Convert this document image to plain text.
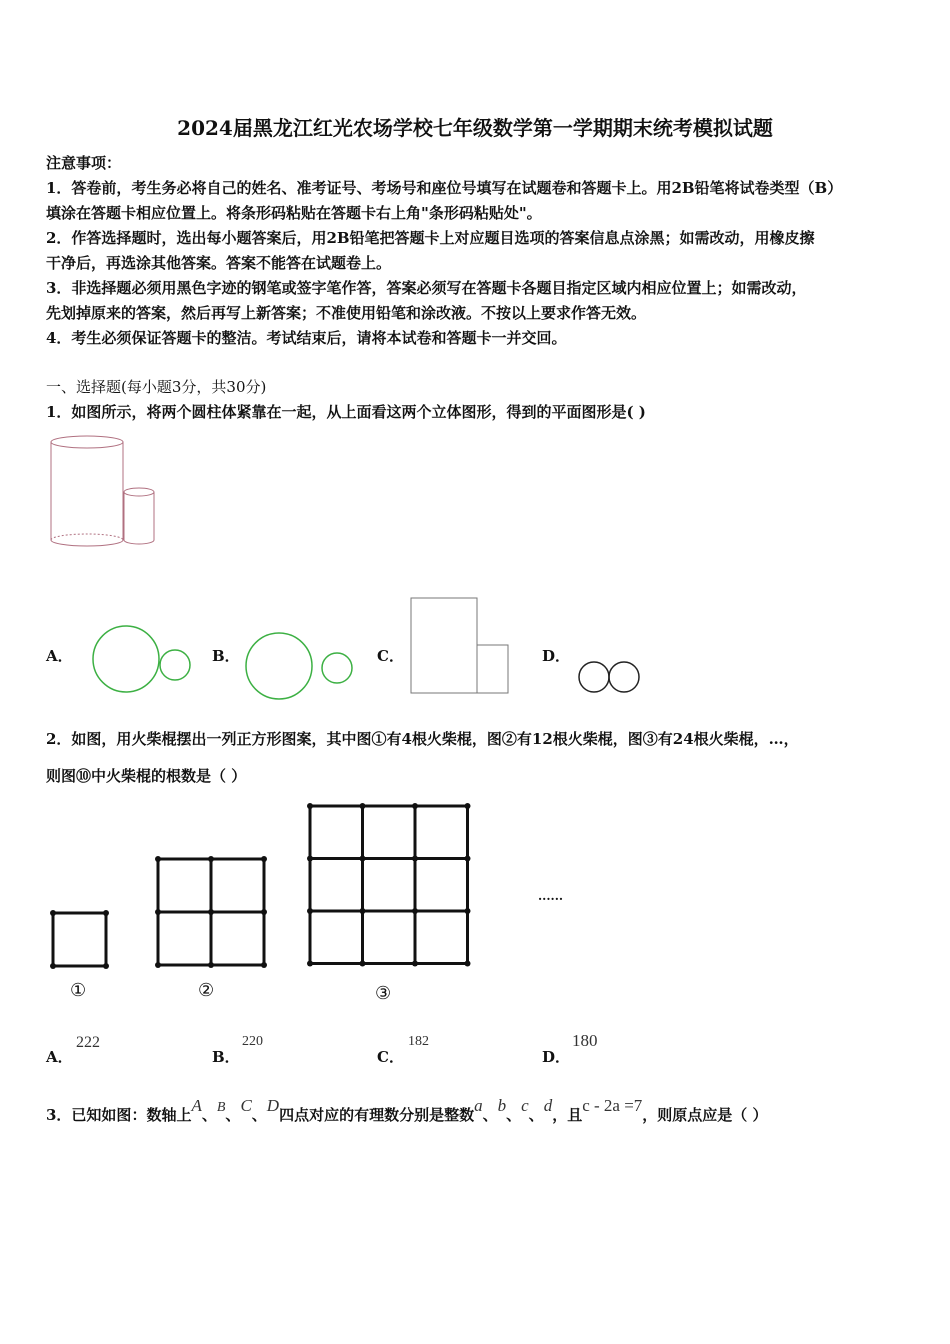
2024届黑龙江红光农场学校七年级数学第一学期期末统考模拟试题
注意事项：
1．答卷前，考生务必将自己的姓名、准考证号、考场号和座位号填写在试题卷和答题卡上。用2B铅笔将试卷类型（B）
填涂在答题卡相应位置上。将条形码粘贴在答题卡右上角"条形码粘贴处"。
2．作答选择题时，选出每小题答案后，用2B铅笔把答题卡上对应题目选项的答案信息点涂黑；如需改动，用橡皮擦
干净后，再选涂其他答案。答案不能答在试题卷上。
3．非选择题必须用黑色字迹的钢笔或签字笔作答，答案必须写在答题卡各题目指定区域内相应位置上；如需改动，
先划掉原来的答案，然后再写上新答案；不准使用铅笔和涂改液。不按以上要求作答无效。
4．考生必须保证答题卡的整洁。考试结束后，请将本试卷和答题卡一并交回。
一、选择题(每小题3分，共30分)
1．如图所示，将两个圆柱体紧靠在一起，从上面看这两个立体图形，得到的平面图形是( )
A．	B．	C．	D．
2．如图，用火柴棍摆出一列正方形图案，其中图①有4根火柴棍，图②有12根火柴棍，图③有24根火柴棍，…，
则图⑩中火柴棍的根数是（ ）
①	②	③
······
A．
222
B．
220
C．
182
D．
180
3．已知如图：数轴上A、B、C、D四点对应的有理数分别是整数a、b、c、d，且c - 2a =7，则原点应是（ ）
